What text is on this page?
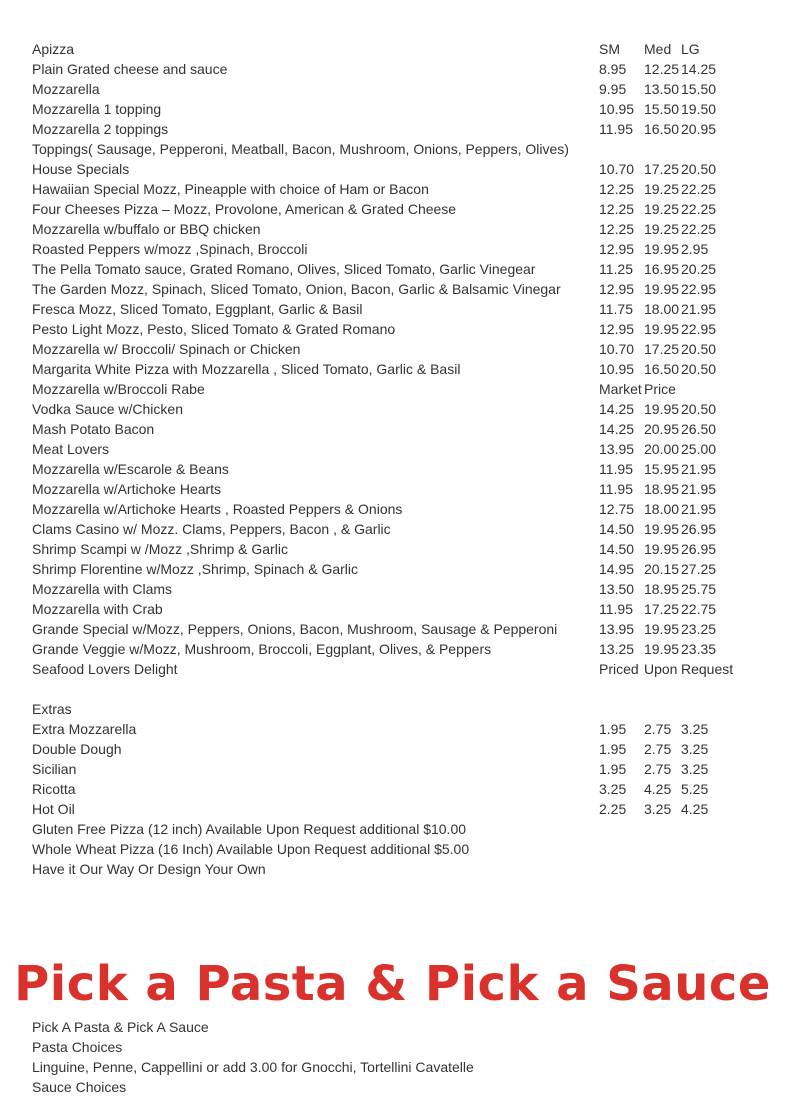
Apizza	SM	Med LG
Plain Grated cheese and sauce	8.95	12.25 14.25
Mozzarella	9.95	13.50 15.50
Mozzarella 1 topping	10.95 15.50 19.50
Mozzarella 2 toppings	11.95 16.50 20.95
Toppings( Sausage, Pepperoni, Meatball, Bacon, Mushroom, Onions, Peppers, Olives)
House Specials	10.70 17.25 20.50
Hawaiian Special Mozz, Pineapple with choice of Ham or Bacon	12.25 19.25 22.25
Four Cheeses Pizza – Mozz, Provolone, American & Grated Cheese	12.25 19.25 22.25
Mozzarella w/buffalo or BBQ chicken	12.25 19.25 22.25
Roasted Peppers w/mozz ,Spinach, Broccoli	12.95 19.95 2.95
The Pella Tomato sauce, Grated Romano, Olives, Sliced Tomato, Garlic Vinegear	11.25 16.95 20.25
The Garden Mozz, Spinach, Sliced Tomato, Onion, Bacon, Garlic & Balsamic Vinegar	12.95 19.95 22.95
Fresca Mozz, Sliced Tomato, Eggplant, Garlic & Basil	11.75 18.00 21.95
Pesto Light Mozz, Pesto, Sliced Tomato & Grated Romano	12.95 19.95 22.95
Mozzarella w/ Broccoli/ Spinach or Chicken	10.70 17.25 20.50
Margarita White Pizza with Mozzarella , Sliced Tomato, Garlic & Basil	10.95 16.50 20.50
Mozzarella w/Broccoli Rabe	Market Price
Vodka Sauce w/Chicken	14.25 19.95 20.50
Mash Potato Bacon	14.25 20.95 26.50
Meat Lovers	13.95 20.00 25.00
Mozzarella w/Escarole & Beans	11.95 15.95 21.95
Mozzarella w/Artichoke Hearts	11.95 18.95 21.95
Mozzarella w/Artichoke Hearts , Roasted Peppers & Onions	12.75 18.00 21.95
Clams Casino w/ Mozz. Clams, Peppers, Bacon , & Garlic	14.50 19.95 26.95
Shrimp Scampi w /Mozz ,Shrimp & Garlic	14.50 19.95 26.95
Shrimp Florentine w/Mozz ,Shrimp, Spinach & Garlic	14.95 20.15 27.25
Mozzarella with Clams	13.50 18.95 25.75
Mozzarella with Crab	11.95 17.25 22.75
Grande Special w/Mozz, Peppers, Onions, Bacon, Mushroom, Sausage & Pepperoni	13.95 19.95 23.25
Grande Veggie w/Mozz, Mushroom, Broccoli, Eggplant, Olives, & Peppers	13.25 19.95 23.35
Seafood Lovers Delight	Priced Upon Request
Extras
Extra Mozzarella	1.95	2.75 3.25
Double Dough	1.95	2.75 3.25
Sicilian	1.95	2.75 3.25
Ricotta	3.25	4.25 5.25
Hot Oil	2.25	3.25 4.25
Gluten Free Pizza (12 inch) Available Upon Request additional $10.00
Whole Wheat Pizza (16 Inch) Available Upon Request additional $5.00
Have it Our Way Or Design Your Own
Pick a Pasta & Pick a Sauce
Pick A Pasta & Pick A Sauce
Pasta Choices
Linguine, Penne, Cappellini or add 3.00 for Gnocchi, Tortellini Cavatelle
Sauce Choices
